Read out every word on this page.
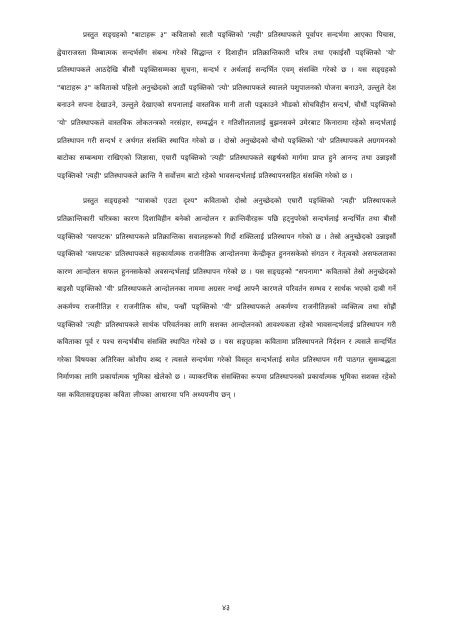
प्रस्तुत सङ्ग्रहको "बाटाहरू ३" कविताको सातौ पङ्क्तिको 'त्यही' प्रतिस्थापकले पूर्वापर सन्दर्भमा आएका पिचास, ह्वेयाराजस्ता विम्बात्मक सन्दर्भसँग संबन्ध गरेको सिद्धान्त र दिशाहीन प्रतिक्रान्तिकारी चरित्र तथा एकाईसौं पङ्क्तिको 'यो' प्रतिस्थापकले आठदेखि बीसौं पङ्क्तिसम्मका सूचना, सन्दर्भ र अर्थलाई सन्दर्भित एवम् संसक्ति गरेको छ । यस सङ्ग्रहको "बाटाहरू ३" कविताको पहिलो अनुच्छेदको आठौं पङ्क्तिको 'त्यो' प्रतिस्थापकले स्यालले पशुपालनको योजना बनाउने, उल्लुले देश बनाउने सपना देखाउने, उल्लुले देखाएको सपनालाई वास्तविक मानी ताली पड्काउने भीडको सोचविहीन सन्दर्भ, चौधौं पङ्क्तिको 'यो' प्रतिस्थापकले वास्तविक लोकतन्त्रको नरसंहार, सम्वर्द्धन र गतिशीलतालाई बुझनसक्ने उमेरबाट किनारामा रहेको सन्दर्भलाई प्रतिस्थापन गरी सन्दर्भ र अर्थगत संसक्ति स्थापित गरेको छ । दोस्रो अनुच्छेदको चौथो पङ्क्तिको 'यो' प्रतिस्थापकले अग्रगमनको बाटोका सम्बन्धमा राखिएको जिज्ञासा, एघारौं पङ्क्तिको 'त्यही' प्रतिस्थापकले सङ्घर्षको मार्गमा प्राप्त हुने आनन्द तथा उन्नाइसौं पङ्क्तिको 'त्यही' प्रतिस्थापकले क्रान्ति नै सर्वोत्तम बाटो रहेको भावसन्दर्भलाई प्रतिस्थापनसहित संसक्ति गरेको छ ।

प्रस्तुत सङ्ग्रहको "यात्राको एउटा दृश्य" कविताको दोस्रो अनुच्छेदको एघारौं पङ्क्तिको 'त्यही' प्रतिस्थापकले प्रतिक्रान्तिकारी चरित्रका कारण दिशाविहीन बनेको आन्दोलन र क्रान्तिवीरहरू पछि हट्नुपरेको सन्दर्भलाई सन्दर्भित तथा बीसौं पङ्क्तिको 'यसपटक' प्रतिस्थापकले प्रतिक्रान्तिका सवालहरूको गिर्दो शक्तिलाई प्रतिस्थापन गरेको छ । तेस्रो अनुच्छेदको उन्नाइसौं पङ्क्तिको 'यसपटक' प्रतिस्थापकले सहकार्यात्मक राजनीतिक आन्दोलनमा केन्द्रीकृत हुननसकेको संगठन र नेतृत्वको असफलताका कारण आन्दोलन सफल हुननसकेको अवसन्दर्भलाई प्रतिस्थापन गरेको छ । यस सङ्ग्रहको "सपनामा" कविताको तेस्रो अनुच्छेदको बाइसौ पङ्क्तिको 'यी' प्रतिस्थापकले आन्दोलनका नाममा अग्रसर नभई आफ्नै कारणले परिवर्तन सम्भव र सार्थक भएको दाबी गर्ने अकर्मण्य राजनीतिज्ञ र राजनीतिक सोच, पन्ध्रौं पङ्क्तिको 'यी' प्रतिस्थापकले अकर्मण्य राजनीतिज्ञको व्यक्तित्व तथा सोह्रौं पङ्क्तिको 'त्यही' प्रतिस्थापकले सार्थक परिवर्तनका लागि सशक्त आन्दोलनको आवश्यकता रहेको भावसन्दर्भलाई प्रतिस्थापन गरी कविताका पूर्व र पश्च सन्दर्भबीच संसक्ति स्थापित गरेको छ । यस सङ्ग्रहका कवितामा प्रतिस्थापनले निर्दशन र त्यसले सन्दर्भित गरेका विषयका अतिरिक्त कोशीय शब्द र त्यसले सन्दर्भमा गरेको विस्तृत सन्दर्भलाई समेत प्रतिस्थापन गरी पाठगत सुसम्बद्धता निर्माणका लागि प्रकार्यात्मक भूमिका खेलेको छ । व्याकरणिक संसक्तिका रूपमा प्रतिस्थापनको प्रकार्यात्मक भूमिका सशक्त रहेको यस कवितासङ्ग्रहका कविता लीपका आधारमा पनि अध्ययनीय छन् ।

४३
